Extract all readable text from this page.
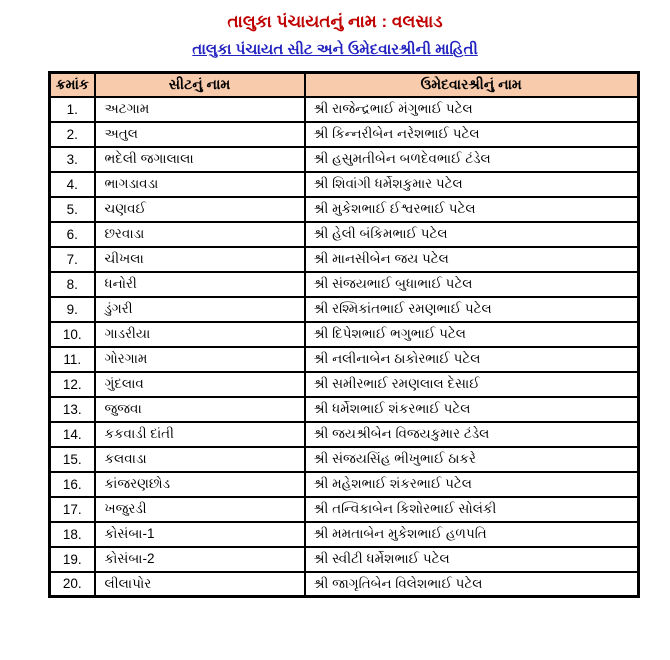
તાલુકા પંચાયતનું નામ : વલસાડ
તાલુકા પંચાયત સીટ અને ઉમેદવારશ્રીની માહિતી
ક્રમાંક	સીટનું નામ	ઉમેદવારશ્રીનું નામ
1.	અટગામ	શ્રી રાજેન્દ્રભાઈ મંગુભાઈ પટેલ
2.	અતુલ	શ્રી કિન્નરીબેન નરેશભાઈ પટેલ
3.	ભદેલી જગાલાલા	શ્રી હસુમતીબેન બળદેવભાઈ ટંડેલ
4.	ભાગડાવડા	શ્રી શિવાંગી ધર્મેશકુમાર પટેલ
5.	ચણવઈ	શ્રી મુકેશભાઈ ઈશ્વરભાઈ પટેલ
6.	છરવાડા	શ્રી હેલી બંકિમભાઈ પટેલ
7.	ચીખલા	શ્રી માનસીબેન જય પટેલ
8.	ધનોરી	શ્રી સંજયભાઈ બુધાભાઈ પટેલ
9.	ડુંગરી	શ્રી રશ્મિકાંતભાઈ રમણભાઈ પટેલ
10.	ગાડરીયા	શ્રી દિપેશભાઈ ભગુભાઈ પટેલ
11.	ગોરગામ	શ્રી નલીનાબેન ઠાકોરભાઈ પટેલ
12.	ગુંદલાવ	શ્રી સમીરભાઈ રમણલાલ દેસાઈ
13.	જુજવા	શ્રી ધર્મેશભાઈ શંકરભાઈ પટેલ
14.	કકવાડી દાંતી	શ્રી જયશ્રીબેન વિજયકુમાર ટંડેલ
15.	કલવાડા	શ્રી સંજયસિંહ ભીખુભાઈ ઠાકરે
16.	કાંજરણછોડ	શ્રી મહેશભાઈ શંકરભાઈ પટેલ
17.	ખજુરડી	શ્રી તન્વિકાબેન કિશોરભાઈ સોલંકી
18.	કોસંબા-1	શ્રી મમતાબેન મુકેશભાઈ હળપતિ
19.	કોસંબા-2	શ્રી સ્વીટી ધર્મેશભાઈ પટેલ
20.	લીલાપોર	શ્રી જાગૃતિબેન વિલેશભાઈ પટેલ
